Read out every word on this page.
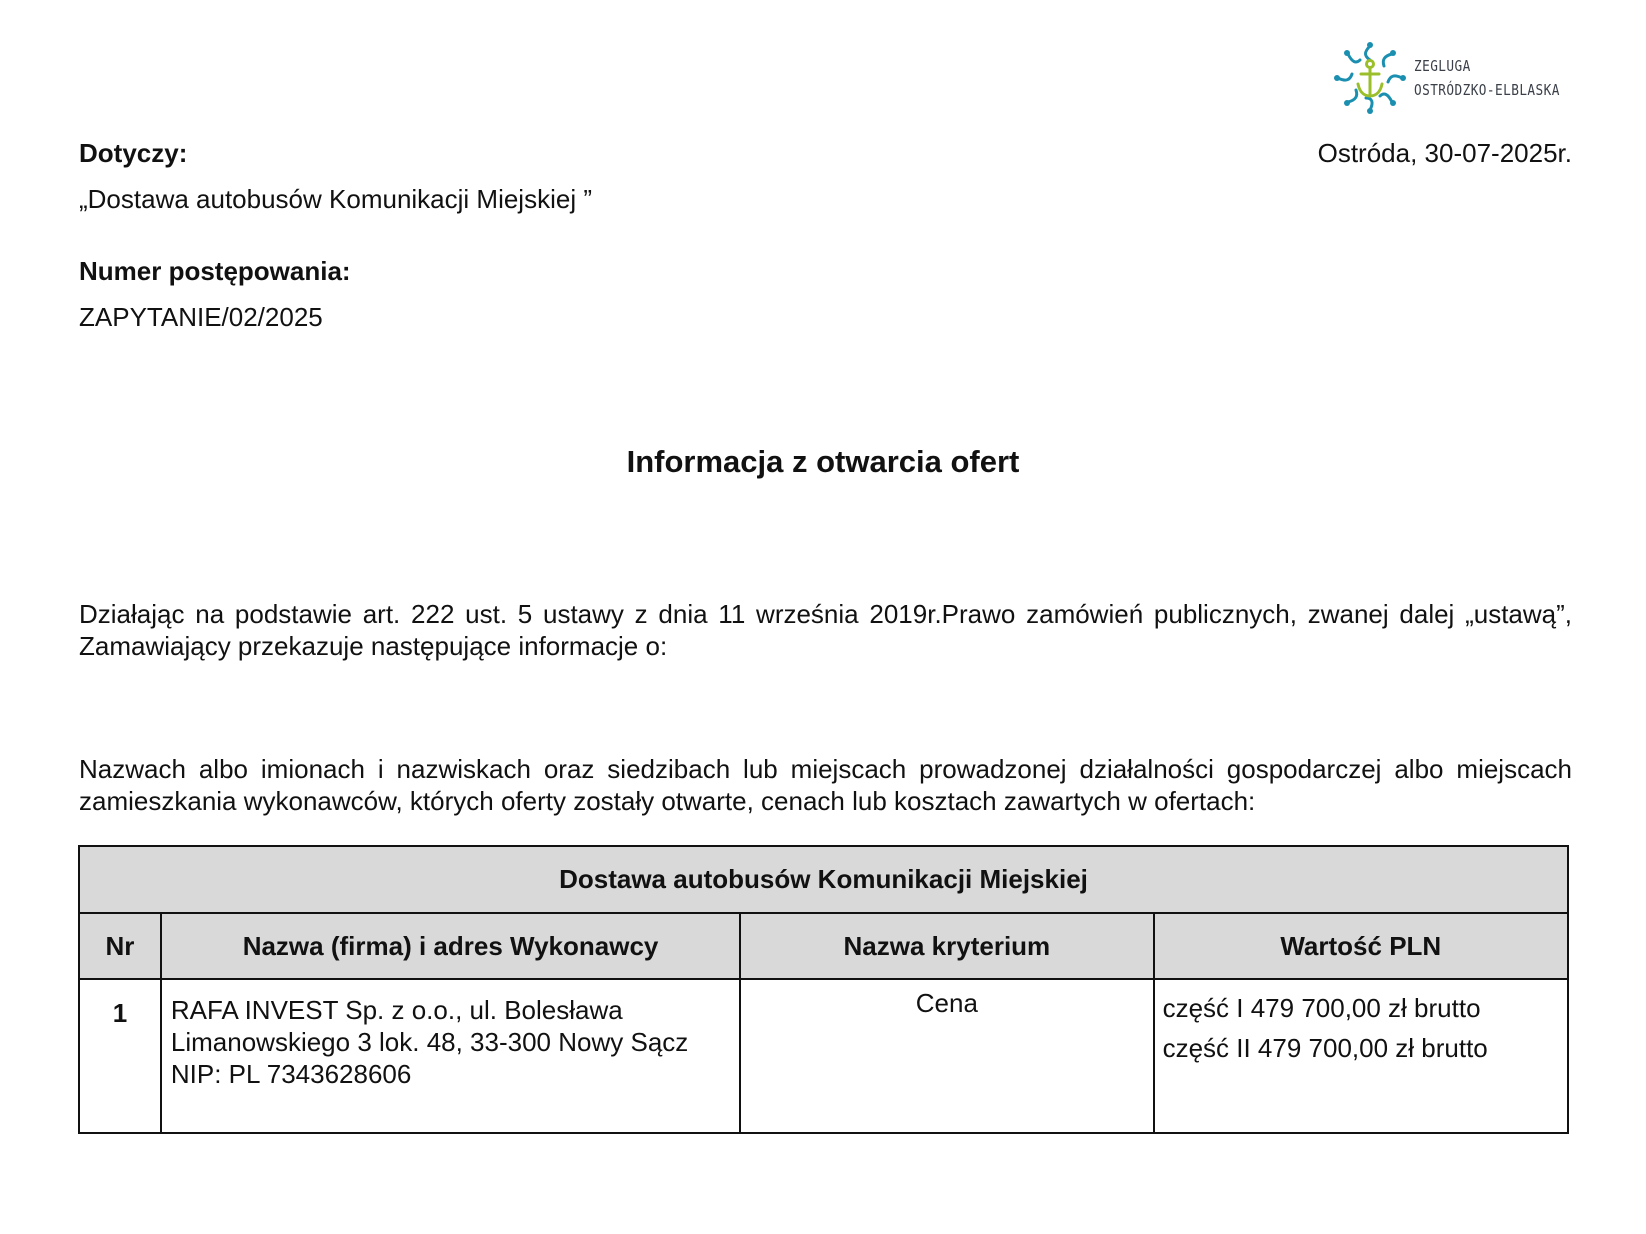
ZEGLUGA
OSTRÓDZKO-ELBLASKA
Ostróda, 30-07-2025r.
Dotyczy:
„Dostawa autobusów Komunikacji Miejskiej ”
Numer postępowania:
ZAPYTANIE/02/2025
Informacja z otwarcia ofert
Działając na podstawie art. 222 ust. 5 ustawy z dnia 11 września 2019r.Prawo zamówień publicznych, zwanej dalej „ustawą”, Zamawiający przekazuje następujące informacje o:
Nazwach albo imionach i nazwiskach oraz siedzibach lub miejscach prowadzonej działalności gospodarczej albo miejscach zamieszkania wykonawców, których oferty zostały otwarte, cenach lub kosztach zawartych w ofertach:
Dostawa autobusów Komunikacji Miejskiej			
Nr	Nazwa (firma) i adres Wykonawcy	Nazwa kryterium	Wartość PLN
1	RAFA INVEST Sp. z o.o., ul. Bolesława
Limanowskiego 3 lok. 48, 33-300 Nowy Sącz
NIP: PL 7343628606	Cena	część I 479 700,00 zł brutto
część II 479 700,00 zł brutto
